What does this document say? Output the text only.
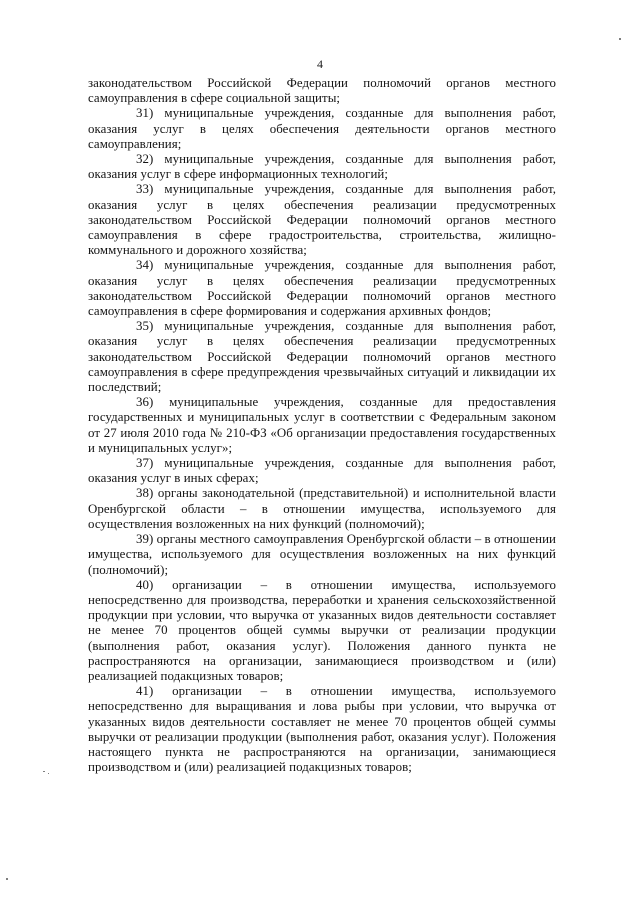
4

законодательством Российской Федерации полномочий органов местного самоуправления в сфере социальной защиты;

31) муниципальные учреждения, созданные для выполнения работ, оказания услуг в целях обеспечения деятельности органов местного самоуправления;

32) муниципальные учреждения, созданные для выполнения работ, оказания услуг в сфере информационных технологий;

33) муниципальные учреждения, созданные для выполнения работ, оказания услуг в целях обеспечения реализации предусмотренных законодательством Российской Федерации полномочий органов местного самоуправления в сфере градостроительства, строительства, жилищно-коммунального и дорожного хозяйства;

34) муниципальные учреждения, созданные для выполнения работ, оказания услуг в целях обеспечения реализации предусмотренных законодательством Российской Федерации полномочий органов местного самоуправления в сфере формирования и содержания архивных фондов;

35) муниципальные учреждения, созданные для выполнения работ, оказания услуг в целях обеспечения реализации предусмотренных законодательством Российской Федерации полномочий органов местного самоуправления в сфере предупреждения чрезвычайных ситуаций и ликвидации их последствий;

36) муниципальные учреждения, созданные для предоставления государственных и муниципальных услуг в соответствии с Федеральным законом от 27 июля 2010 года № 210-ФЗ «Об организации предоставления государственных и муниципальных услуг»;

37) муниципальные учреждения, созданные для выполнения работ, оказания услуг в иных сферах;

38) органы законодательной (представительной) и исполнительной власти Оренбургской области – в отношении имущества, используемого для осуществления возложенных на них функций (полномочий);

39) органы местного самоуправления Оренбургской области – в отношении имущества, используемого для осуществления возложенных на них функций (полномочий);

40) организации – в отношении имущества, используемого непосредственно для производства, переработки и хранения сельскохозяйственной продукции при условии, что выручка от указанных видов деятельности составляет не менее 70 процентов общей суммы выручки от реализации продукции (выполнения работ, оказания услуг). Положения данного пункта не распространяются на организации, занимающиеся производством и (или) реализацией подакцизных товаров;

41) организации – в отношении имущества, используемого непосредственно для выращивания и лова рыбы при условии, что выручка от указанных видов деятельности составляет не менее 70 процентов общей суммы выручки от реализации продукции (выполнения работ, оказания услуг). Положения настоящего пункта не распространяются на организации, занимающиеся производством и (или) реализацией подакцизных товаров;
